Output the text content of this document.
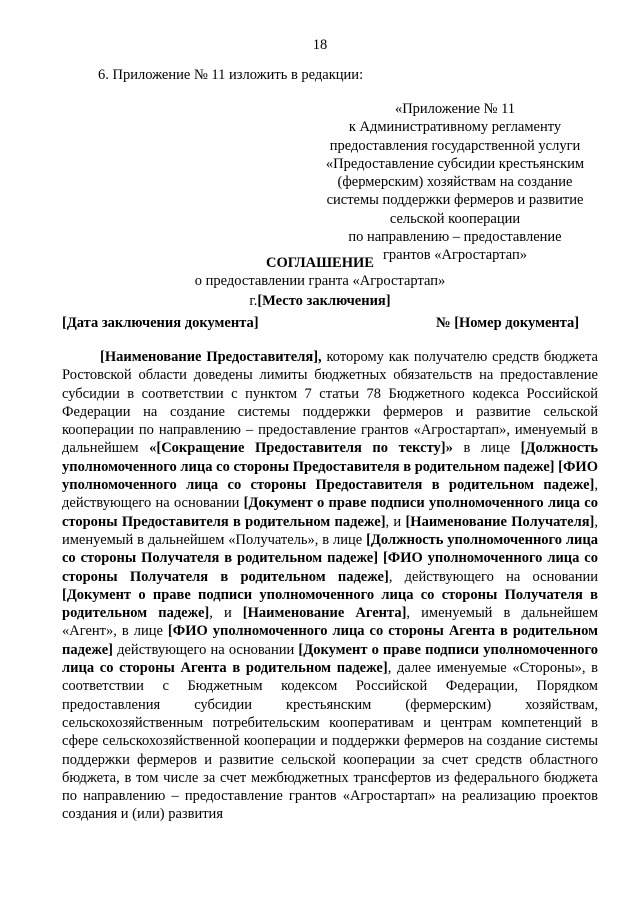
18
6. Приложение № 11 изложить в редакции:
«Приложение № 11
к Административному регламенту
предоставления государственной услуги
«Предоставление субсидии крестьянским
(фермерским) хозяйствам на создание
системы поддержки фермеров и развитие
сельской кооперации
по направлению – предоставление
грантов «Агростартап»
СОГЛАШЕНИЕ
о предоставлении гранта «Агростартап»
г.[Место заключения]
[Дата заключения документа]	№ [Номер документа]

[Наименование Предоставителя], которому как получателю средств бюджета Ростовской области доведены лимиты бюджетных обязательств на предоставление субсидии в соответствии с пунктом 7 статьи 78 Бюджетного кодекса Российской Федерации на создание системы поддержки фермеров и развитие сельской кооперации по направлению – предоставление грантов «Агростартап», именуемый в дальнейшем «[Сокращение Предоставителя по тексту]» в лице [Должность уполномоченного лица со стороны Предоставителя в родительном падеже] [ФИО уполномоченного лица со стороны Предоставителя в родительном падеже], действующего на основании [Документ о праве подписи уполномоченного лица со стороны Предоставителя в родительном падеже], и [Наименование Получателя], именуемый в дальнейшем «Получатель», в лице [Должность уполномоченного лица со стороны Получателя в родительном падеже] [ФИО уполномоченного лица со стороны Получателя в родительном падеже], действующего на основании [Документ о праве подписи уполномоченного лица со стороны Получателя в родительном падеже], и [Наименование Агента], именуемый в дальнейшем «Агент», в лице [ФИО уполномоченного лица со стороны Агента в родительном падеже] действующего на основании [Документ о праве подписи уполномоченного лица со стороны Агента в родительном падеже], далее именуемые «Стороны», в соответствии с Бюджетным кодексом Российской Федерации, Порядком предоставления субсидии крестьянским (фермерским) хозяйствам, сельскохозяйственным потребительским кооперативам и центрам компетенций в сфере сельскохозяйственной кооперации и поддержки фермеров на создание системы поддержки фермеров и развитие сельской кооперации за счет средств областного бюджета, в том числе за счет межбюджетных трансфертов из федерального бюджета по направлению – предоставление грантов «Агростартап» на реализацию проектов создания и (или) развития
